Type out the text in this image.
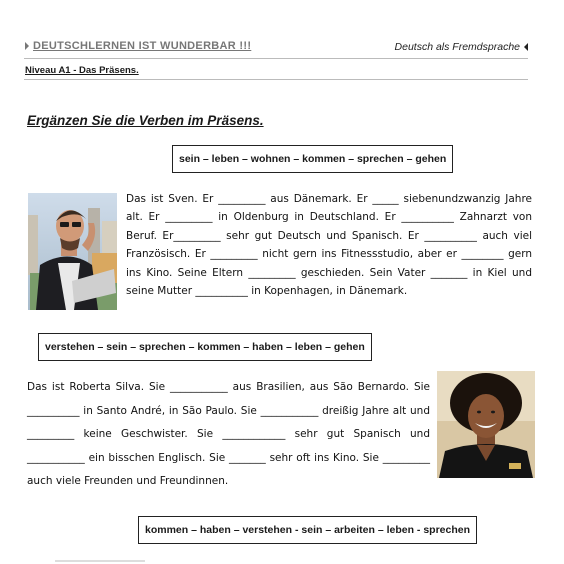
DEUTSCHLERNEN IST WUNDERBAR !!!	Deutsch als Fremdsprache
Niveau A1 - Das Präsens.
Ergänzen Sie die Verben im Präsens.
sein – leben – wohnen – kommen – sprechen – gehen
Das ist Sven. Er _________ aus Dänemark. Er _____ siebenundzwanzig Jahre alt. Er _________ in Oldenburg in Deutschland. Er __________ Zahnarzt von Beruf. Er_________ sehr gut Deutsch und Spanisch. Er __________ auch viel Französisch. Er _________ nicht gern ins Fitnessstudio, aber er ________ gern ins Kino. Seine Eltern _________ geschieden. Sein Vater _______ in Kiel und seine Mutter __________ in Kopenhagen, in Dänemark.
verstehen – sein – sprechen – kommen – haben – leben – gehen
Das ist Roberta Silva. Sie ___________ aus Brasilien, aus São Bernardo. Sie __________ in Santo André, in São Paulo. Sie ___________ dreißig Jahre alt und _________ keine Geschwister. Sie ____________ sehr gut Spanisch und ___________ ein bisschen Englisch. Sie _______ sehr oft ins Kino. Sie _________ auch viele Freunden und Freundinnen.
kommen – haben – verstehen - sein – arbeiten – leben - sprechen
